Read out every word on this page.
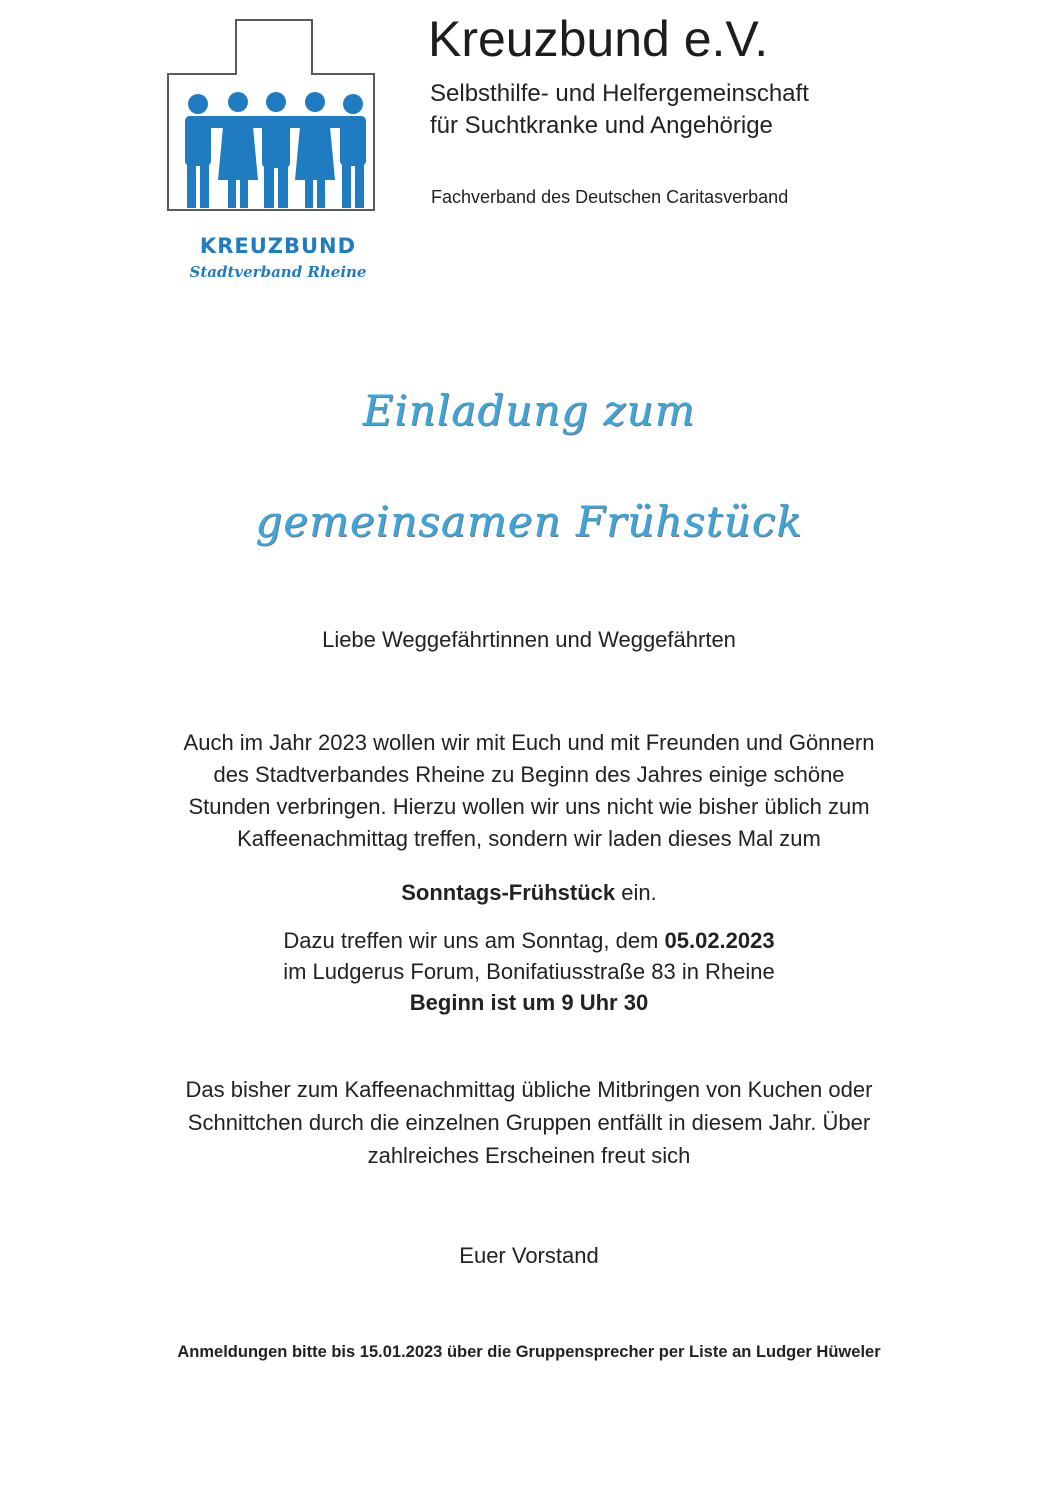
KREUZBUND
Stadtverband Rheine
Kreuzbund e.V.
Selbsthilfe- und Helfergemeinschaft
für Suchtkranke und Angehörige
Fachverband des Deutschen Caritasverband
Einladung zum
gemeinsamen Frühstück
Liebe Weggefährtinnen und Weggefährten
Auch im Jahr 2023 wollen wir mit Euch und mit Freunden und Gönnern
des Stadtverbandes Rheine zu Beginn des Jahres einige schöne
Stunden verbringen. Hierzu wollen wir uns nicht wie bisher üblich zum
Kaffeenachmittag treffen, sondern wir laden dieses Mal zum
Sonntags-Frühstück ein.
Dazu treffen wir uns am Sonntag, dem 05.02.2023
im Ludgerus Forum, Bonifatiusstraße 83 in Rheine
Beginn ist um 9 Uhr 30
Das bisher zum Kaffeenachmittag übliche Mitbringen von Kuchen oder
Schnittchen durch die einzelnen Gruppen entfällt in diesem Jahr. Über
zahlreiches Erscheinen freut sich
Euer Vorstand
Anmeldungen bitte bis 15.01.2023 über die Gruppensprecher per Liste an Ludger Hüweler
